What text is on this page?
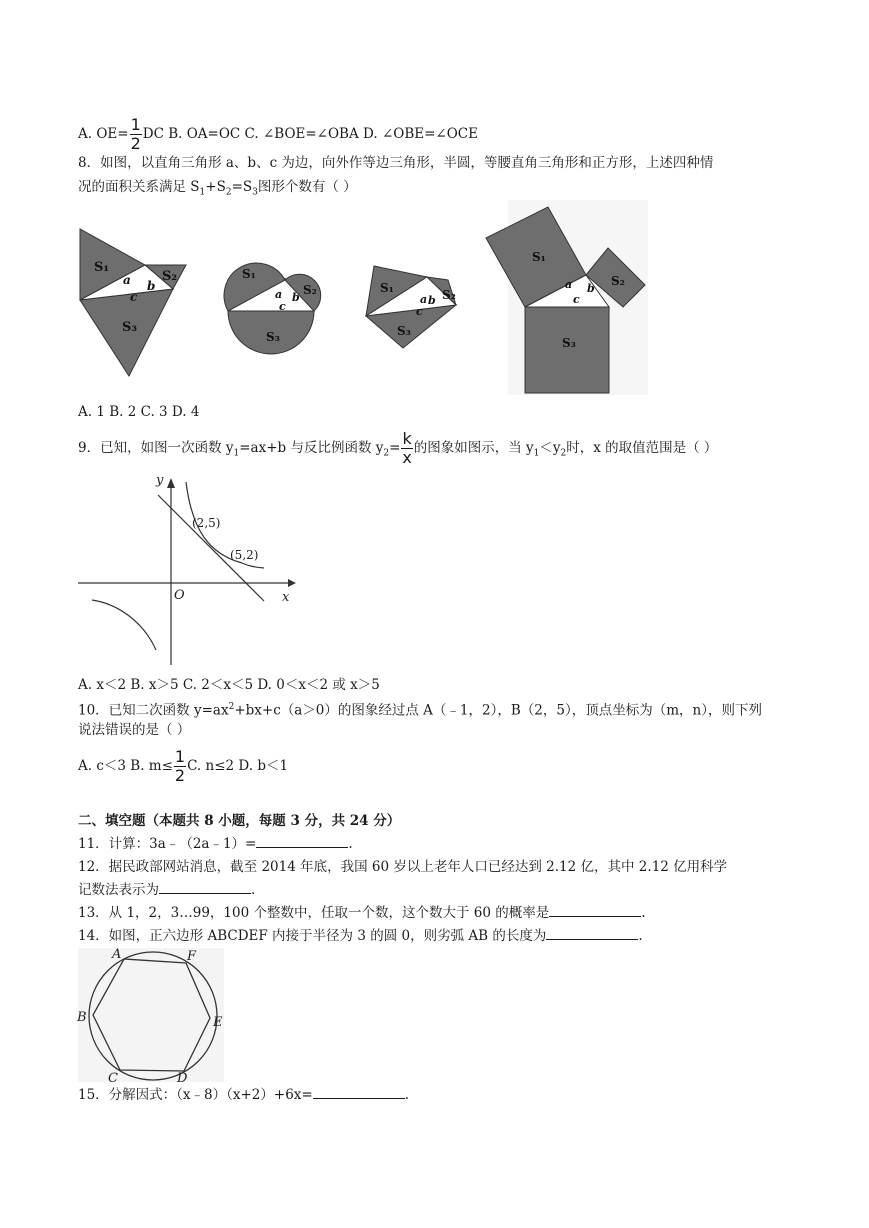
A. $OE= \frac{1}{2}$ DC B. OA=OC C. ∠BOE=∠OBA D. ∠OBE=∠OCE
8．如图，以直角三角形 a、b、c 为边，向外作等边三角形，半圆，等腰直角三角形和正方形，上述四种情
况的面积关系满足 $S_1+S_2=S_3$图形个数有（ ）
S₁
S₂
S₃
a b
c
S₁
S₂
S₃
a b
c
S₁	S₂
S₃
a b
c
S₁
S₂
S₃
a b
c
A. 1 B. 2 C. 3 D. 4
9．已知，如图一次函数 $y_1=ax+b$ 与反比例函数 $y_2= \frac{k}{x}$ 的图象如图示，当 $y_1<y_2$时，x 的取值范围是（ ）
y
x
O
(2,5)
(5,2)
A. x＜2 B. x＞5 C. 2＜x＜5 D. 0＜x＜2 或 x＞5
10．已知二次函数 $y=ax^2+bx+c(a>0)$的图象经过点 A（﹣1，2），B（2，5），顶点坐标为（m，n），则下列
说法错误的是（ ）
A. c＜3 B. $m\le \frac{1}{2} C$. n≤2 D. b＜1
二、填空题（本题共 8 小题，每题 3 分，共 24 分）
11．计算：3a﹣（2a﹣1）=	.
12．据民政部网站消息，截至 2014 年底，我国 60 岁以上老年人口已经达到 2.12 亿，其中 2.12 亿用科学
记数法表示为	.
13．从 1，2，3…99，100 个整数中，任取一个数，这个数大于 60 的概率是	.
14．如图，正六边形 ABCDEF 内接于半径为 3 的圆 0，则劣弧 AB 的长度为	.
A	F
B	E
C	D
15．分解因式：（x﹣8）（x+2）+6x=	.
